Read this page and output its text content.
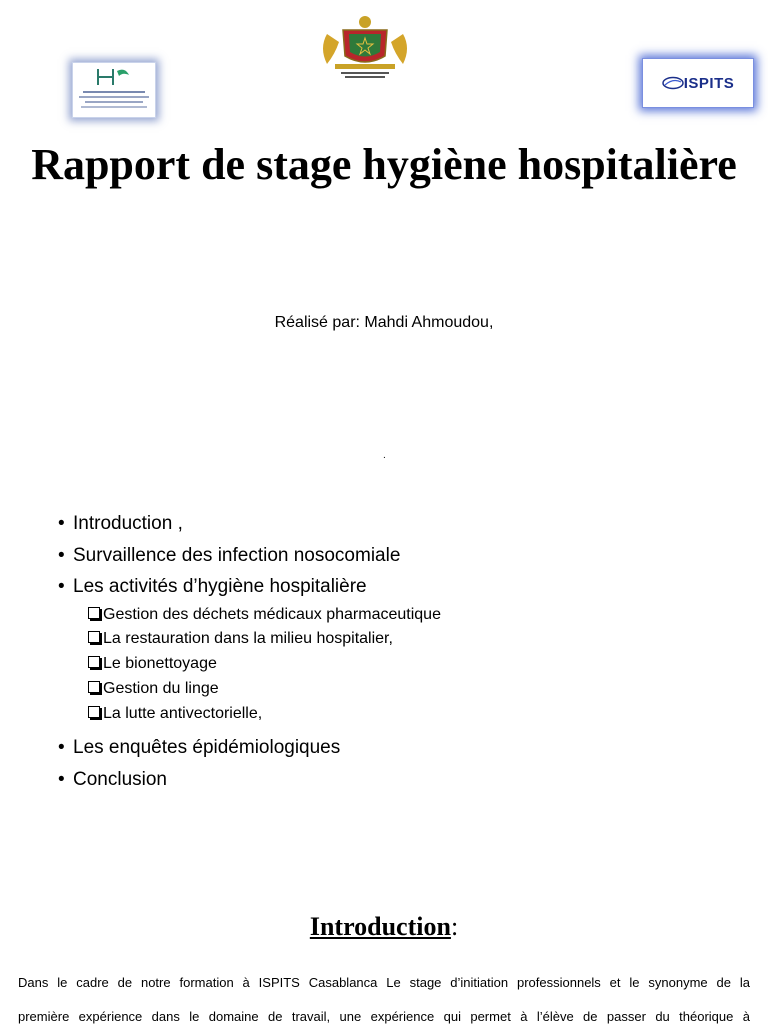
ISPITS
Rapport de stage hygiène hospitalière
Réalisé par: Mahdi Ahmoudou,
.
• Introduction ,
• Survaillence des infection nosocomiale
• Les activités d’hygiène hospitalière
Gestion des déchets médicaux pharmaceutique
La restauration dans la milieu hospitalier,
Le bionettoyage
Gestion du linge
La lutte antivectorielle,
• Les enquêtes épidémiologiques
• Conclusion
Introduction:
Dans le cadre de notre formation à ISPITS Casablanca Le stage d’initiation professionnels et le synonyme de la
première expérience dans le domaine de travail, une expérience qui permet à l’élève de passer du théorique à
